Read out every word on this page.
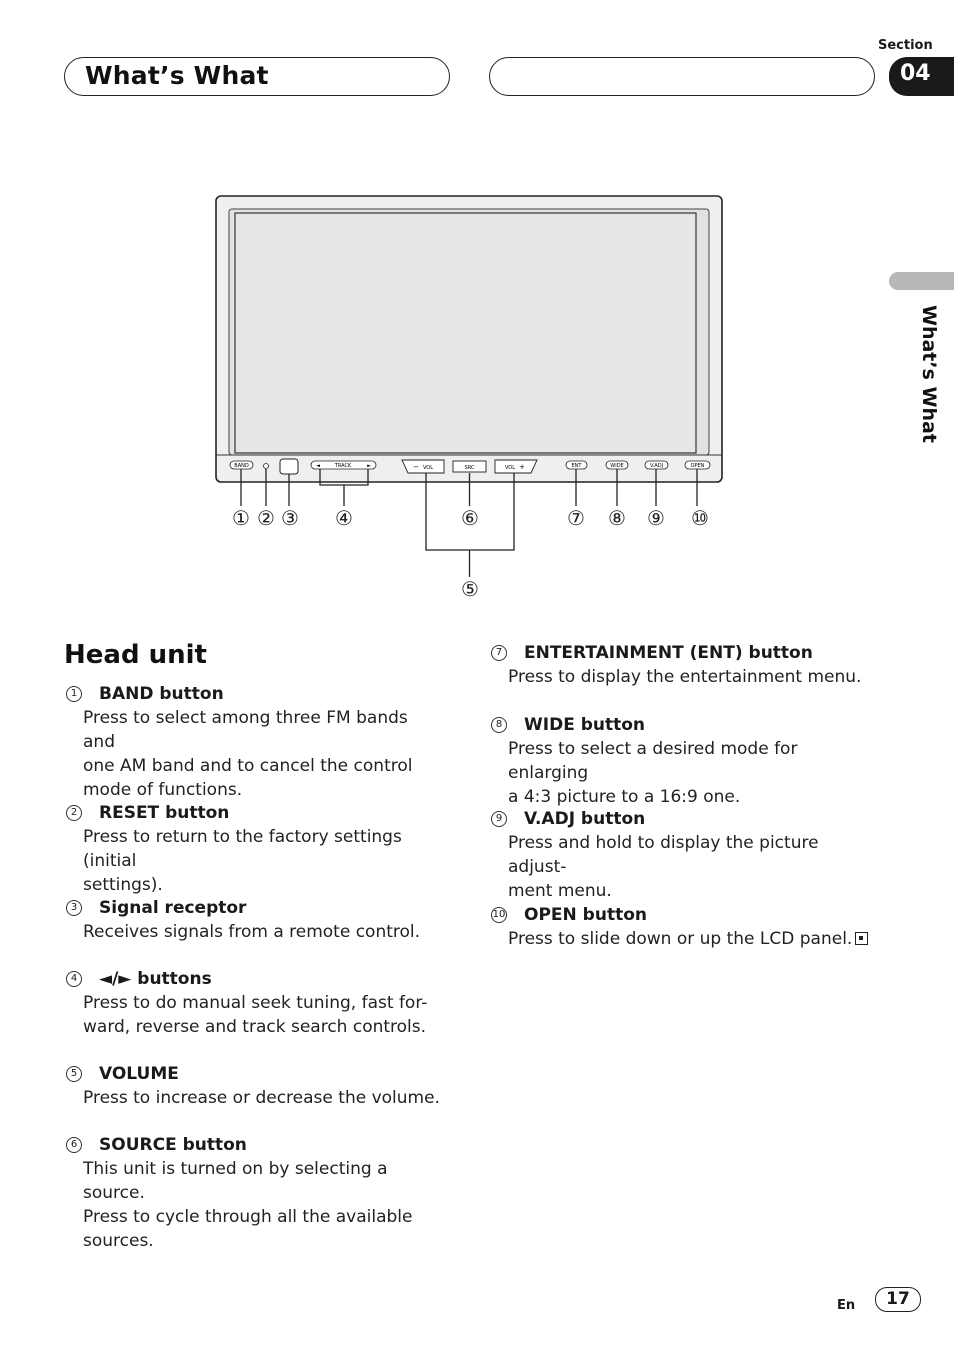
What’s What
Section
04
What’s What
BAND	◄	TRACK	►	− VOL	SRC	VOL +	ENT	WIDE	V.ADJ	OPEN
① ② ③ ④	⑥
⑤
⑦ ⑧ ⑨ ⑩
Head unit
1 BAND button

Press to select among three FM bands and

one AM band and to cancel the control

mode of functions.

2 RESET button

Press to return to the factory settings (initial

settings).

3 Signal receptor

Receives signals from a remote control.

4 ◄/► buttons

Press to do manual seek tuning, fast for-

ward, reverse and track search controls.

5 VOLUME

Press to increase or decrease the volume.

6 SOURCE button

This unit is turned on by selecting a source.

Press to cycle through all the available

sources.

7 ENTERTAINMENT (ENT) button

Press to display the entertainment menu.

8 WIDE button

Press to select a desired mode for enlarging

a 4:3 picture to a 16:9 one.

9 V.ADJ button

Press and hold to display the picture adjust-

ment menu.

10 OPEN button

Press to slide down or up the LCD panel.

En	17
